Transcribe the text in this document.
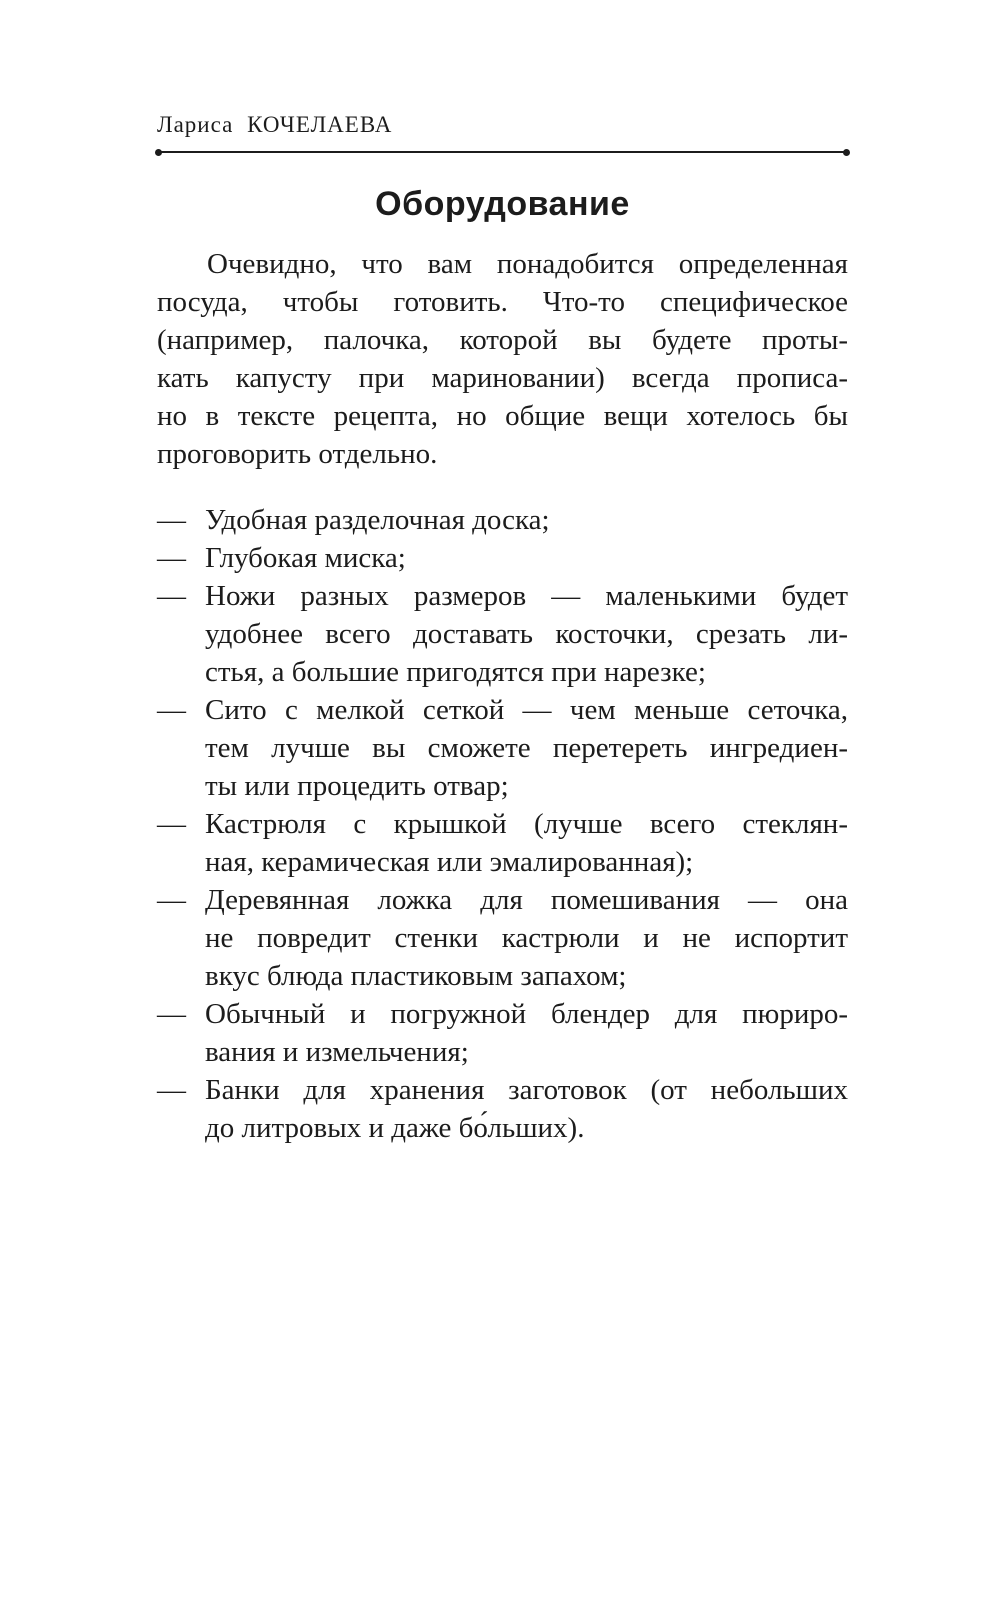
Лариса КОЧЕЛАЕВА
Оборудование
Очевидно, что вам понадобится определенная
посуда, чтобы готовить. Что-то специфическое
(например, палочка, которой вы будете проты-
кать капусту при мариновании) всегда прописа-
но в тексте рецепта, но общие вещи хотелось бы
проговорить отдельно.
— Удобная разделочная доска;
— Глубокая миска;
— Ножи разных размеров — маленькими будет
удобнее всего доставать косточки, срезать ли-
стья, а большие пригодятся при нарезке;
— Сито с мелкой сеткой — чем меньше сеточка,
тем лучше вы сможете перетереть ингредиен-
ты или процедить отвар;
— Кастрюля с крышкой (лучше всего стеклян-
ная, керамическая или эмалированная);
— Деревянная ложка для помешивания — она
не повредит стенки кастрюли и не испортит
вкус блюда пластиковым запахом;
— Обычный и погружной блендер для пюриро-
вания и измельчения;
— Банки для хранения заготовок (от небольших
до литровых и даже бо́льших).
